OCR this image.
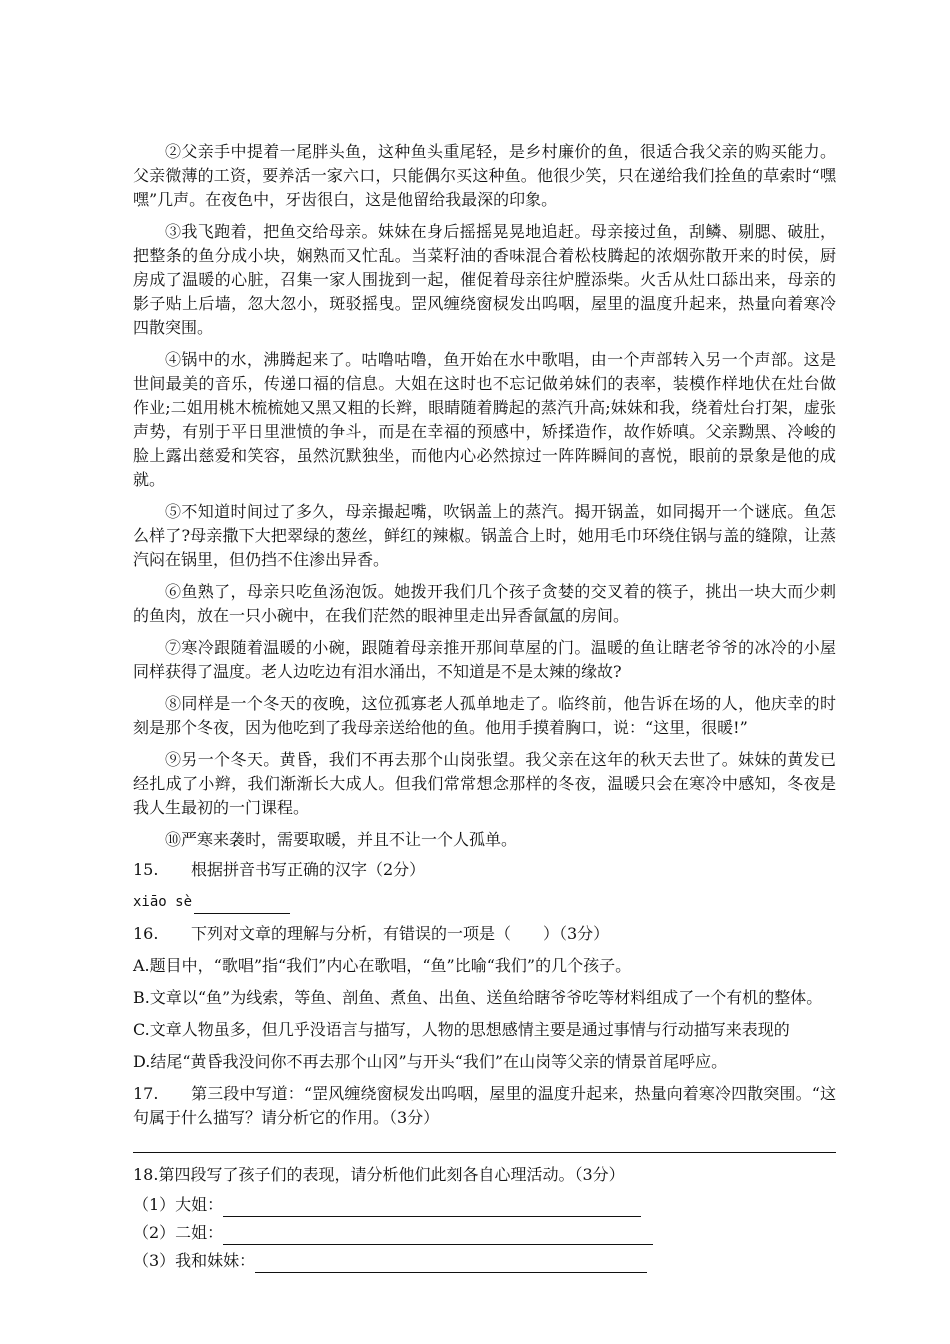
②父亲手中提着一尾胖头鱼，这种鱼头重尾轻，是乡村廉价的鱼，很适合我父亲的购买能力。父亲微薄的工资，要养活一家六口，只能偶尔买这种鱼。他很少笑，只在递给我们拴鱼的草索时“嘿嘿”几声。在夜色中，牙齿很白，这是他留给我最深的印象。

③我飞跑着，把鱼交给母亲。妹妹在身后摇摇晃晃地追赶。母亲接过鱼，刮鳞、剔腮、破肚，把整条的鱼分成小块，娴熟而又忙乱。当菜籽油的香味混合着松枝腾起的浓烟弥散开来的时侯，厨房成了温暖的心脏，召集一家人围拢到一起，催促着母亲往炉膛添柴。火舌从灶口舔出来，母亲的影子贴上后墙，忽大忽小，斑驳摇曳。罡风缠绕窗棂发出呜咽，屋里的温度升起来，热量向着寒冷四散突围。

④锅中的水，沸腾起来了。咕噜咕噜，鱼开始在水中歌唱，由一个声部转入另一个声部。这是世间最美的音乐，传递口福的信息。大姐在这时也不忘记做弟妹们的表率，装模作样地伏在灶台做作业;二姐用桃木梳梳她又黑又粗的长辫，眼睛随着腾起的蒸汽升高;妹妹和我，绕着灶台打架，虚张声势，有别于平日里泄愤的争斗，而是在幸福的预感中，矫揉造作，故作娇嗔。父亲黝黑、冷峻的脸上露出慈爱和笑容，虽然沉默独坐，而他内心必然掠过一阵阵瞬间的喜悦，眼前的景象是他的成就。

⑤不知道时间过了多久，母亲撮起嘴，吹锅盖上的蒸汽。揭开锅盖，如同揭开一个谜底。鱼怎么样了?母亲撒下大把翠绿的葱丝，鲜红的辣椒。锅盖合上时，她用毛巾环绕住锅与盖的缝隙，让蒸汽闷在锅里，但仍挡不住渗出异香。

⑥鱼熟了，母亲只吃鱼汤泡饭。她拨开我们几个孩子贪婪的交叉着的筷子，挑出一块大而少刺的鱼肉，放在一只小碗中，在我们茫然的眼神里走出异香氤氲的房间。

⑦寒冷跟随着温暖的小碗，跟随着母亲推开那间草屋的门。温暖的鱼让瞎老爷爷的冰冷的小屋同样获得了温度。老人边吃边有泪水涌出，不知道是不是太辣的缘故?

⑧同样是一个冬天的夜晚，这位孤寡老人孤单地走了。临终前，他告诉在场的人，他庆幸的时刻是那个冬夜，因为他吃到了我母亲送给他的鱼。他用手摸着胸口，说：“这里，很暖!”

⑨另一个冬天。黄昏，我们不再去那个山岗张望。我父亲在这年的秋天去世了。妹妹的黄发已经扎成了小辫，我们渐渐长大成人。但我们常常想念那样的冬夜，温暖只会在寒冷中感知，冬夜是我人生最初的一门课程。

⑩严寒来袭时，需要取暖，并且不让一个人孤单。

15. 根据拼音书写正确的汉字（2分）

xiāo sè

16. 下列对文章的理解与分析，有错误的一项是（　　）（3分）

A.题目中，“歌唱”指“我们”内心在歌唱，“鱼”比喻“我们”的几个孩子。

B.文章以“鱼”为线索，等鱼、剖鱼、煮鱼、出鱼、送鱼给瞎爷爷吃等材料组成了一个有机的整体。

C.文章人物虽多，但几乎没语言与描写，人物的思想感情主要是通过事情与行动描写来表现的

D.结尾“黄昏我没问你不再去那个山冈”与开头“我们”在山岗等父亲的情景首尾呼应。

17. 第三段中写道：“罡风缠绕窗棂发出呜咽，屋里的温度升起来，热量向着寒冷四散突围。“这句属于什么描写？请分析它的作用。（3分）

18.第四段写了孩子们的表现，请分析他们此刻各自心理活动。（3分）

（1）大姐：
（2）二姐：
（3）我和妹妹：
